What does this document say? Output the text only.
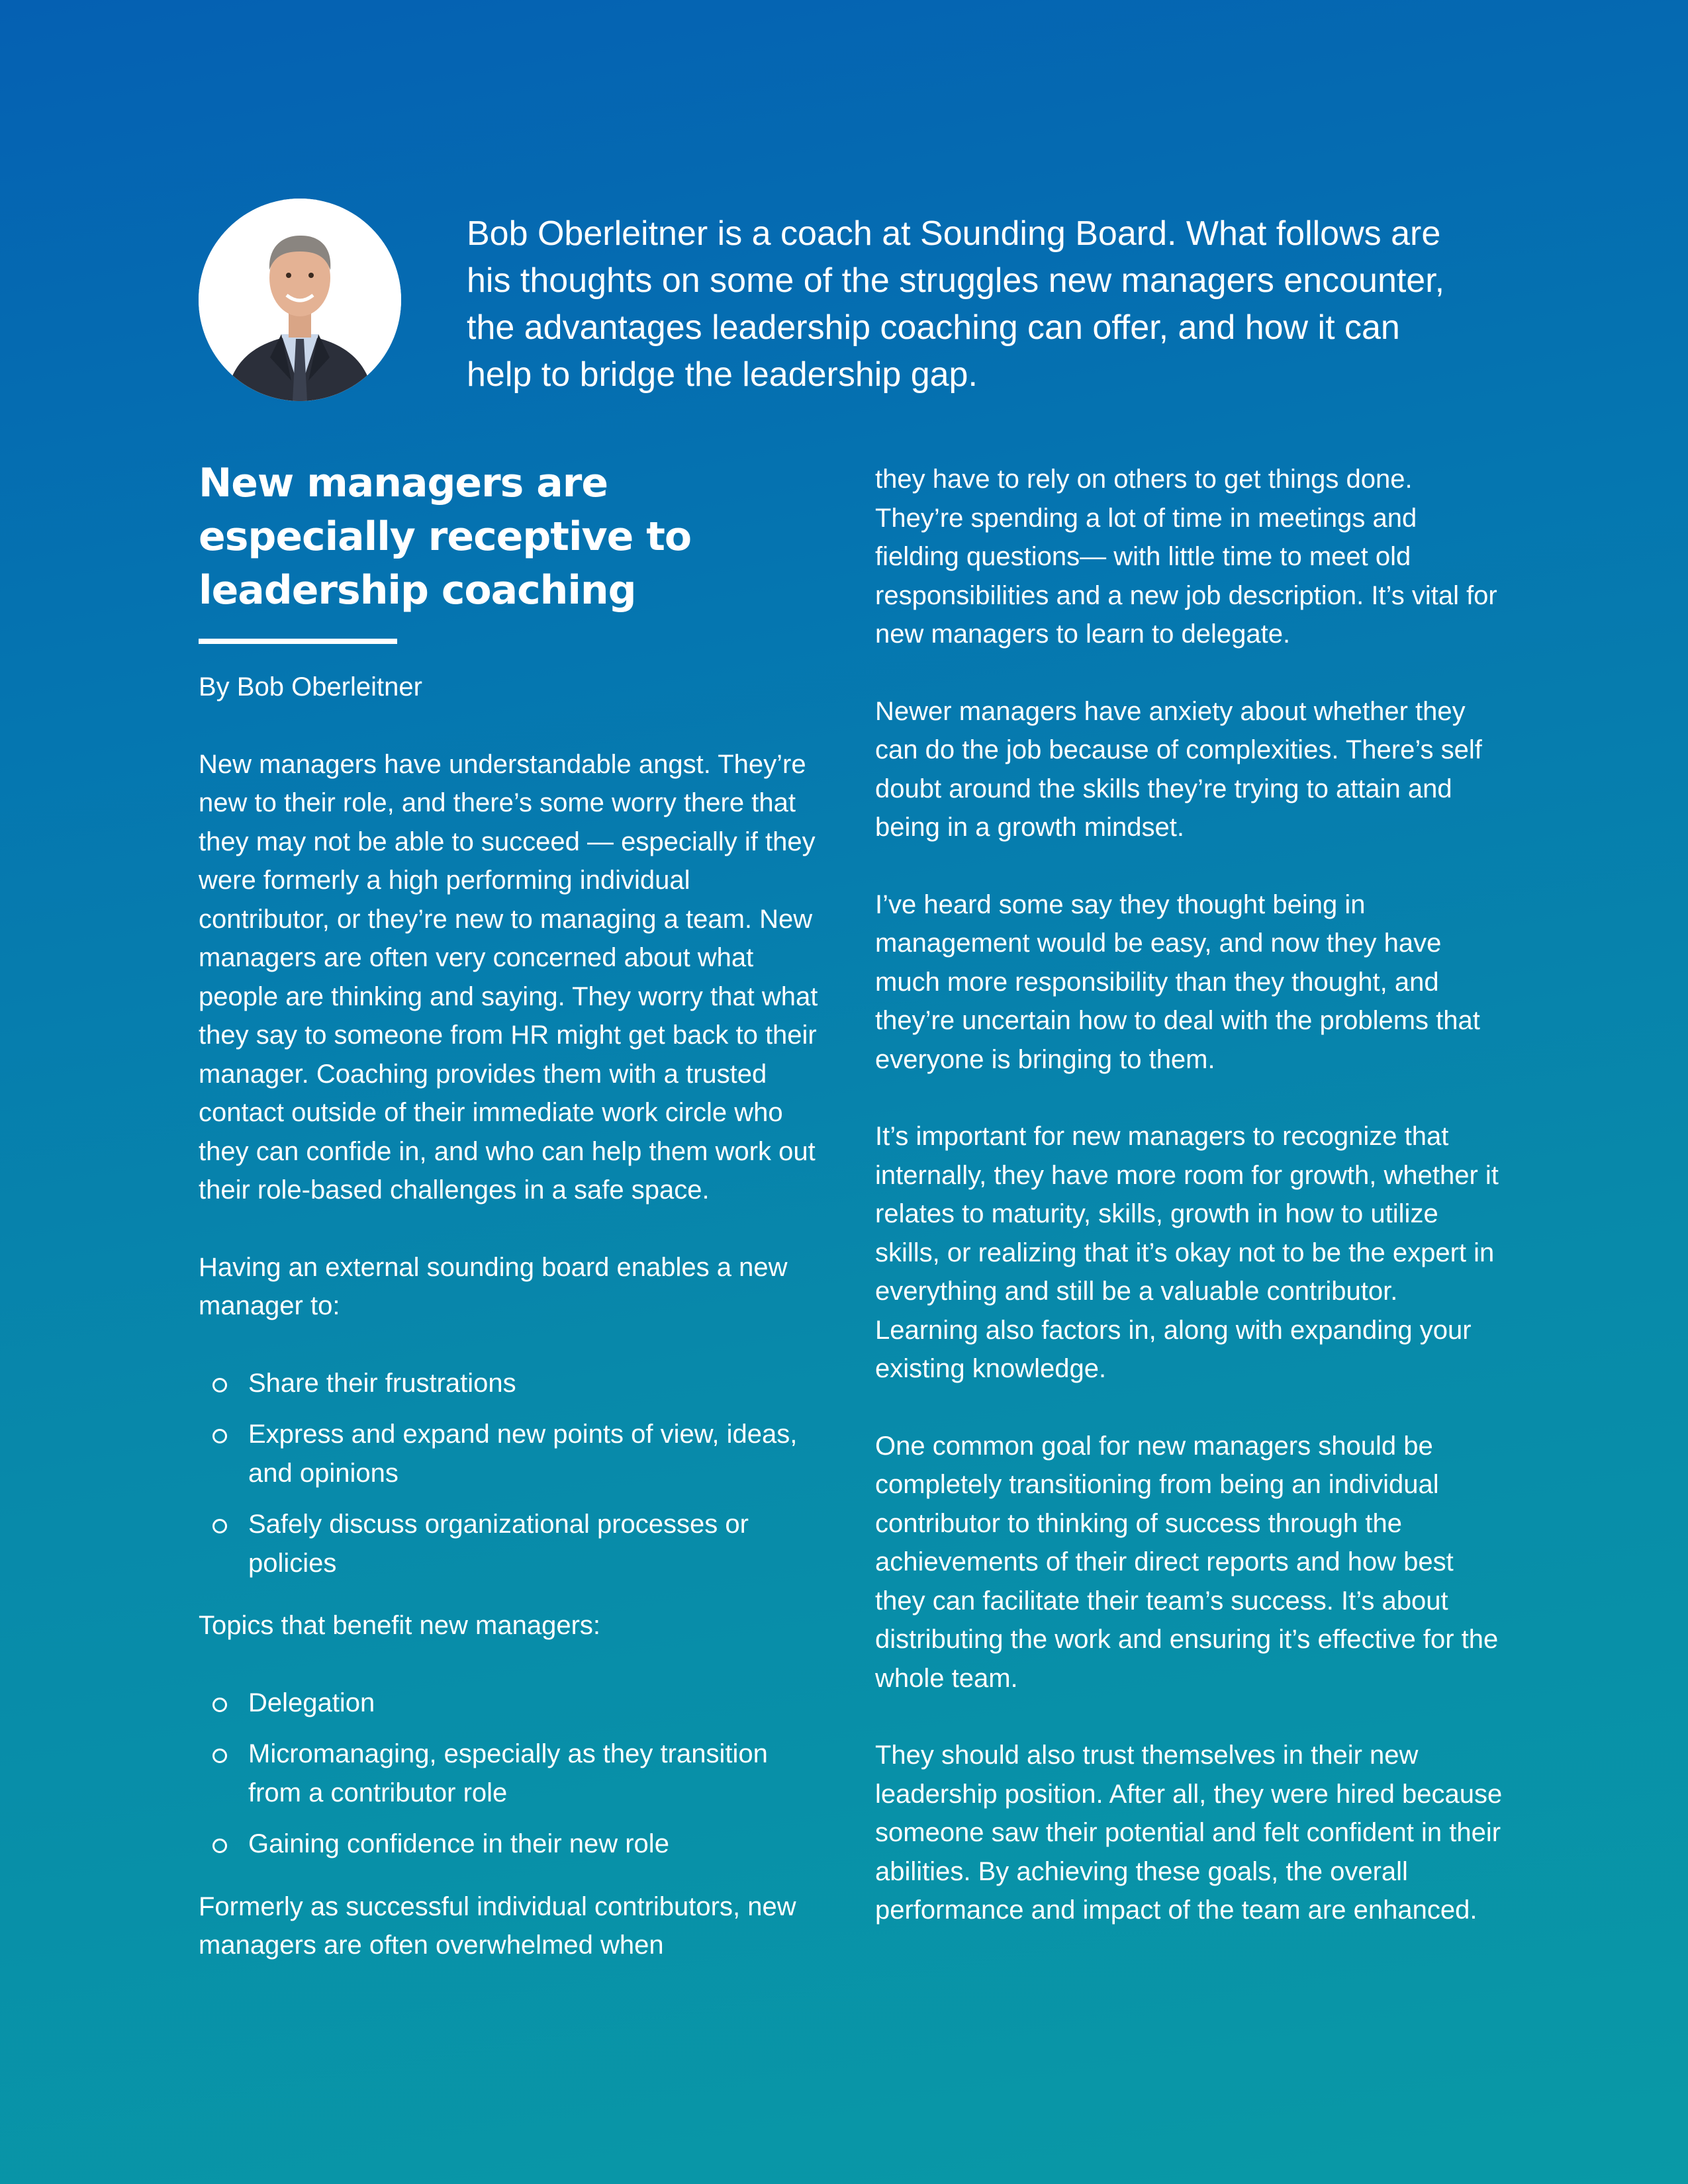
Bob Oberleitner is a coach at Sounding Board. What follows are his thoughts on some of the struggles new managers encounter, the advantages leadership coaching can offer, and how it can help to bridge the leadership gap.

New managers are especially receptive to leadership coaching

By Bob Oberleitner

New managers have understandable angst. They’re new to their role, and there’s some worry there that they may not be able to succeed — especially if they were formerly a high performing individual contributor, or they’re new to managing a team. New managers are often very concerned about what people are thinking and saying. They worry that what they say to someone from HR might get back to their manager. Coaching provides them with a trusted contact outside of their immediate work circle who they can confide in, and who can help them work out their role-based challenges in a safe space.

Having an external sounding board enables a new manager to:

Share their frustrations
Express and expand new points of view, ideas, and opinions
Safely discuss organizational processes or policies

Topics that benefit new managers:

Delegation
Micromanaging, especially as they transition from a contributor role
Gaining confidence in their new role

Formerly as successful individual contributors, new managers are often overwhelmed when

they have to rely on others to get things done. They’re spending a lot of time in meetings and fielding questions— with little time to meet old responsibilities and a new job description. It’s vital for new managers to learn to delegate.

Newer managers have anxiety about whether they can do the job because of complexities. There’s self doubt around the skills they’re trying to attain and being in a growth mindset.

I’ve heard some say they thought being in management would be easy, and now they have much more responsibility than they thought, and they’re uncertain how to deal with the problems that everyone is bringing to them.

It’s important for new managers to recognize that internally, they have more room for growth, whether it relates to maturity, skills, growth in how to utilize skills, or realizing that it’s okay not to be the expert in everything and still be a valuable contributor. Learning also factors in, along with expanding your existing knowledge.

One common goal for new managers should be completely transitioning from being an individual contributor to thinking of success through the achievements of their direct reports and how best they can facilitate their team’s success. It’s about distributing the work and ensuring it’s effective for the whole team.

They should also trust themselves in their new leadership position. After all, they were hired because someone saw their potential and felt confident in their abilities. By achieving these goals, the overall performance and impact of the team are enhanced.
